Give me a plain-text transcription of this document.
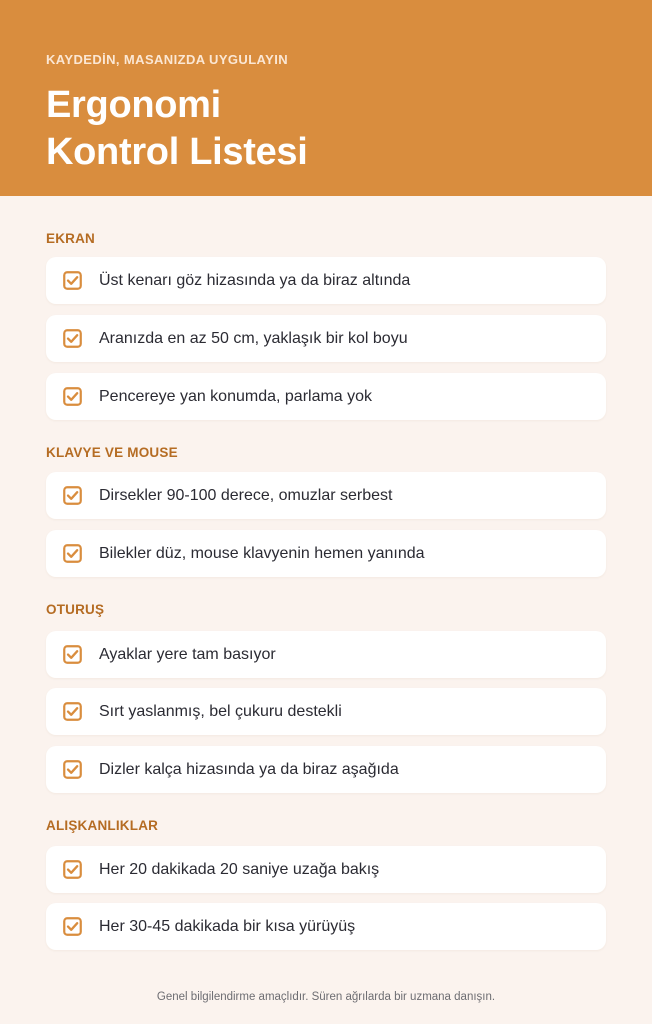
KAYDEDİN, MASANIZDA UYGULAYIN
Ergonomi
Kontrol Listesi
EKRAN
Üst kenarı göz hizasında ya da biraz altında
Aranızda en az 50 cm, yaklaşık bir kol boyu
Pencereye yan konumda, parlama yok
KLAVYE VE MOUSE
Dirsekler 90-100 derece, omuzlar serbest
Bilekler düz, mouse klavyenin hemen yanında
OTURUŞ
Ayaklar yere tam basıyor
Sırt yaslanmış, bel çukuru destekli
Dizler kalça hizasında ya da biraz aşağıda
ALIŞKANLIKLAR
Her 20 dakikada 20 saniye uzağa bakış
Her 30-45 dakikada bir kısa yürüyüş
Genel bilgilendirme amaçlıdır. Süren ağrılarda bir uzmana danışın.
